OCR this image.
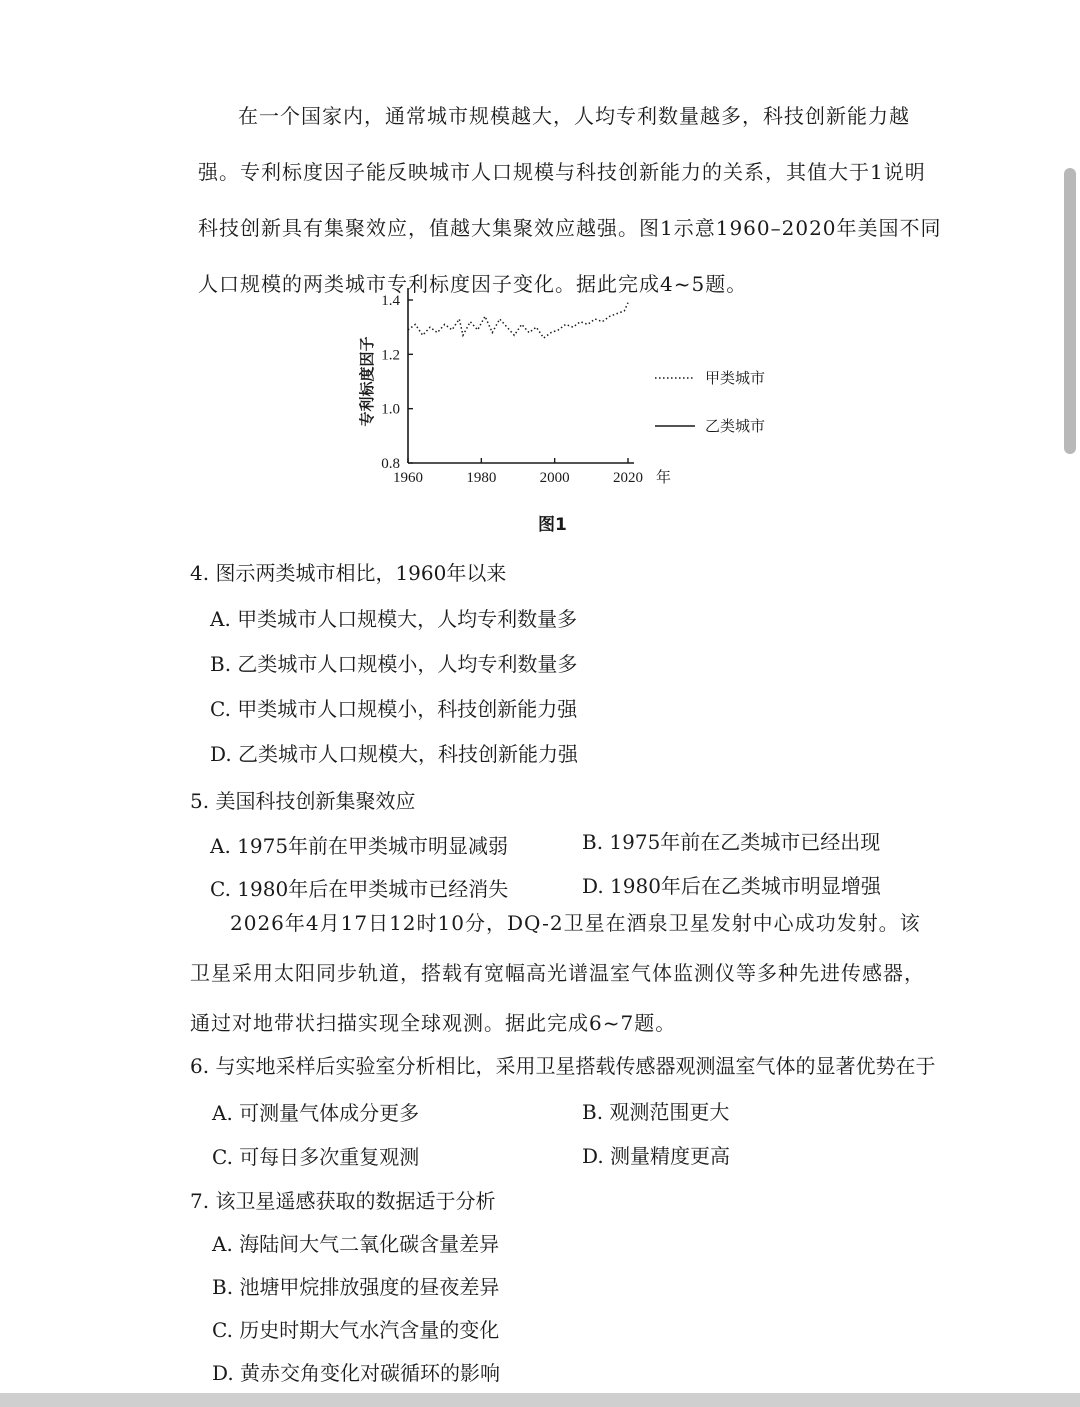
在一个国家内，通常城市规模越大，人均专利数量越多，科技创新能力越强。专利标度因子能反映城市人口规模与科技创新能力的关系，其值大于1说明科技创新具有集聚效应，值越大集聚效应越强。图1示意1960–2020年美国不同人口规模的两类城市专利标度因子变化。据此完成4~5题。

0.8
1.0
1.2
1.4
1960	1980	2000	2020 年
专利标度因子	甲类城市
乙类城市
图1
4. 图示两类城市相比，1960年以来
A. 甲类城市人口规模大，人均专利数量多
B. 乙类城市人口规模小，人均专利数量多
C. 甲类城市人口规模小，科技创新能力强
D. 乙类城市人口规模大，科技创新能力强
5. 美国科技创新集聚效应
A. 1975年前在甲类城市明显减弱	B. 1975年前在乙类城市已经出现
C. 1980年后在甲类城市已经消失	D. 1980年后在乙类城市明显增强

2026年4月17日12时10分，DQ-2卫星在酒泉卫星发射中心成功发射。该卫星采用太阳同步轨道，搭载有宽幅高光谱温室气体监测仪等多种先进传感器，通过对地带状扫描实现全球观测。据此完成6~7题。

6. 与实地采样后实验室分析相比，采用卫星搭载传感器观测温室气体的显著优势在于
A. 可测量气体成分更多	B. 观测范围更大
C. 可每日多次重复观测	D. 测量精度更高
7. 该卫星遥感获取的数据适于分析
A. 海陆间大气二氧化碳含量差异
B. 池塘甲烷排放强度的昼夜差异
C. 历史时期大气水汽含量的变化
D. 黄赤交角变化对碳循环的影响
